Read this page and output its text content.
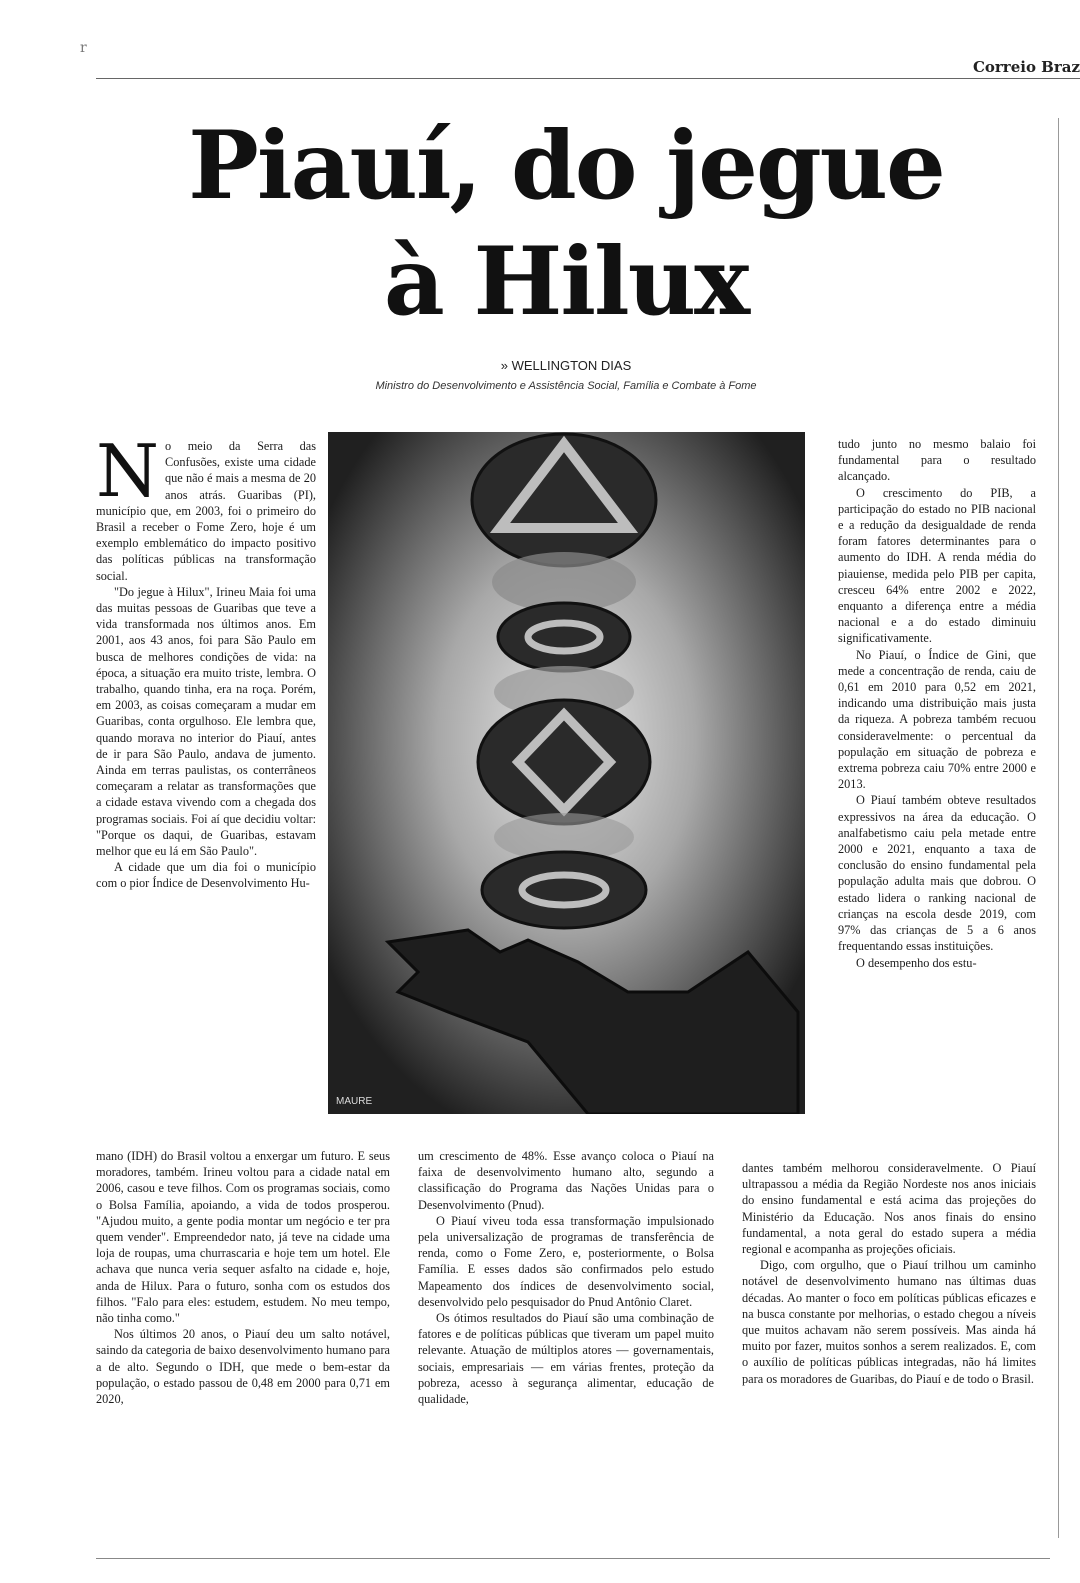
r
Correio Braz
Piauí, do jegue
à Hilux
» WELLINGTON DIAS
Ministro do Desenvolvimento e Assistência Social, Família e Combate à Fome

No meio da Serra das Confusões, existe uma cidade que não é mais a mesma de 20 anos atrás. Guaribas (PI), município que, em 2003, foi o primeiro do Brasil a receber o Fome Zero, hoje é um exemplo emblemático do impacto positivo das políticas públicas na transformação social.

"Do jegue à Hilux", Irineu Maia foi uma das muitas pessoas de Guaribas que teve a vida transformada nos últimos anos. Em 2001, aos 43 anos, foi para São Paulo em busca de melhores condições de vida: na época, a situação era muito triste, lembra. O trabalho, quando tinha, era na roça. Porém, em 2003, as coisas começaram a mudar em Guaribas, conta orgulhoso. Ele lembra que, quando morava no interior do Piauí, antes de ir para São Paulo, andava de jumento. Ainda em terras paulistas, os conterrâneos começaram a relatar as transformações que a cidade estava vivendo com a chegada dos programas sociais. Foi aí que decidiu voltar: "Porque os daqui, de Guaribas, estavam melhor que eu lá em São Paulo".

A cidade que um dia foi o município com o pior Índice de Desenvolvimento Hu-

MAURE

tudo junto no mesmo balaio foi fundamental para o resultado alcançado.

O crescimento do PIB, a participação do estado no PIB nacional e a redução da desigualdade de renda foram fatores determinantes para o aumento do IDH. A renda média do piauiense, medida pelo PIB per capita, cresceu 64% entre 2002 e 2022, enquanto a diferença entre a média nacional e a do estado diminuiu significativamente.

No Piauí, o Índice de Gini, que mede a concentração de renda, caiu de 0,61 em 2010 para 0,52 em 2021, indicando uma distribuição mais justa da riqueza. A pobreza também recuou consideravelmente: o percentual da população em situação de pobreza e extrema pobreza caiu 70% entre 2000 e 2013.

O Piauí também obteve resultados expressivos na área da educação. O analfabetismo caiu pela metade entre 2000 e 2021, enquanto a taxa de conclusão do ensino fundamental pela população adulta mais que dobrou. O estado lidera o ranking nacional de crianças na escola desde 2019, com 97% das crianças de 5 a 6 anos frequentando essas instituições.

O desempenho dos estu-

mano (IDH) do Brasil voltou a enxergar um futuro. E seus moradores, também. Irineu voltou para a cidade natal em 2006, casou e teve filhos. Com os programas sociais, como o Bolsa Família, apoiando, a vida de todos prosperou. "Ajudou muito, a gente podia montar um negócio e ter pra quem vender". Empreendedor nato, já teve na cidade uma loja de roupas, uma churrascaria e hoje tem um hotel. Ele achava que nunca veria sequer asfalto na cidade e, hoje, anda de Hilux. Para o futuro, sonha com os estudos dos filhos. "Falo para eles: estudem, estudem. No meu tempo, não tinha como."

Nos últimos 20 anos, o Piauí deu um salto notável, saindo da categoria de baixo desenvolvimento humano para a de alto. Segundo o IDH, que mede o bem-estar da população, o estado passou de 0,48 em 2000 para 0,71 em 2020,

um crescimento de 48%. Esse avanço coloca o Piauí na faixa de desenvolvimento humano alto, segundo a classificação do Programa das Nações Unidas para o Desenvolvimento (Pnud).

O Piauí viveu toda essa transformação impulsionado pela universalização de programas de transferência de renda, como o Fome Zero, e, posteriormente, o Bolsa Família. E esses dados são confirmados pelo estudo Mapeamento dos índices de desenvolvimento social, desenvolvido pelo pesquisador do Pnud Antônio Claret.

Os ótimos resultados do Piauí são uma combinação de fatores e de políticas públicas que tiveram um papel muito relevante. Atuação de múltiplos atores — governamentais, sociais, empresariais — em várias frentes, proteção da pobreza, acesso à segurança alimentar, educação de qualidade,

dantes também melhorou consideravelmente. O Piauí ultrapassou a média da Região Nordeste nos anos iniciais do ensino fundamental e está acima das projeções do Ministério da Educação. Nos anos finais do ensino fundamental, a nota geral do estado supera a média regional e acompanha as projeções oficiais.

Digo, com orgulho, que o Piauí trilhou um caminho notável de desenvolvimento humano nas últimas duas décadas. Ao manter o foco em políticas públicas eficazes e na busca constante por melhorias, o estado chegou a níveis que muitos achavam não serem possíveis. Mas ainda há muito por fazer, muitos sonhos a serem realizados. E, com o auxílio de políticas públicas integradas, não há limites para os moradores de Guaribas, do Piauí e de todo o Brasil.
